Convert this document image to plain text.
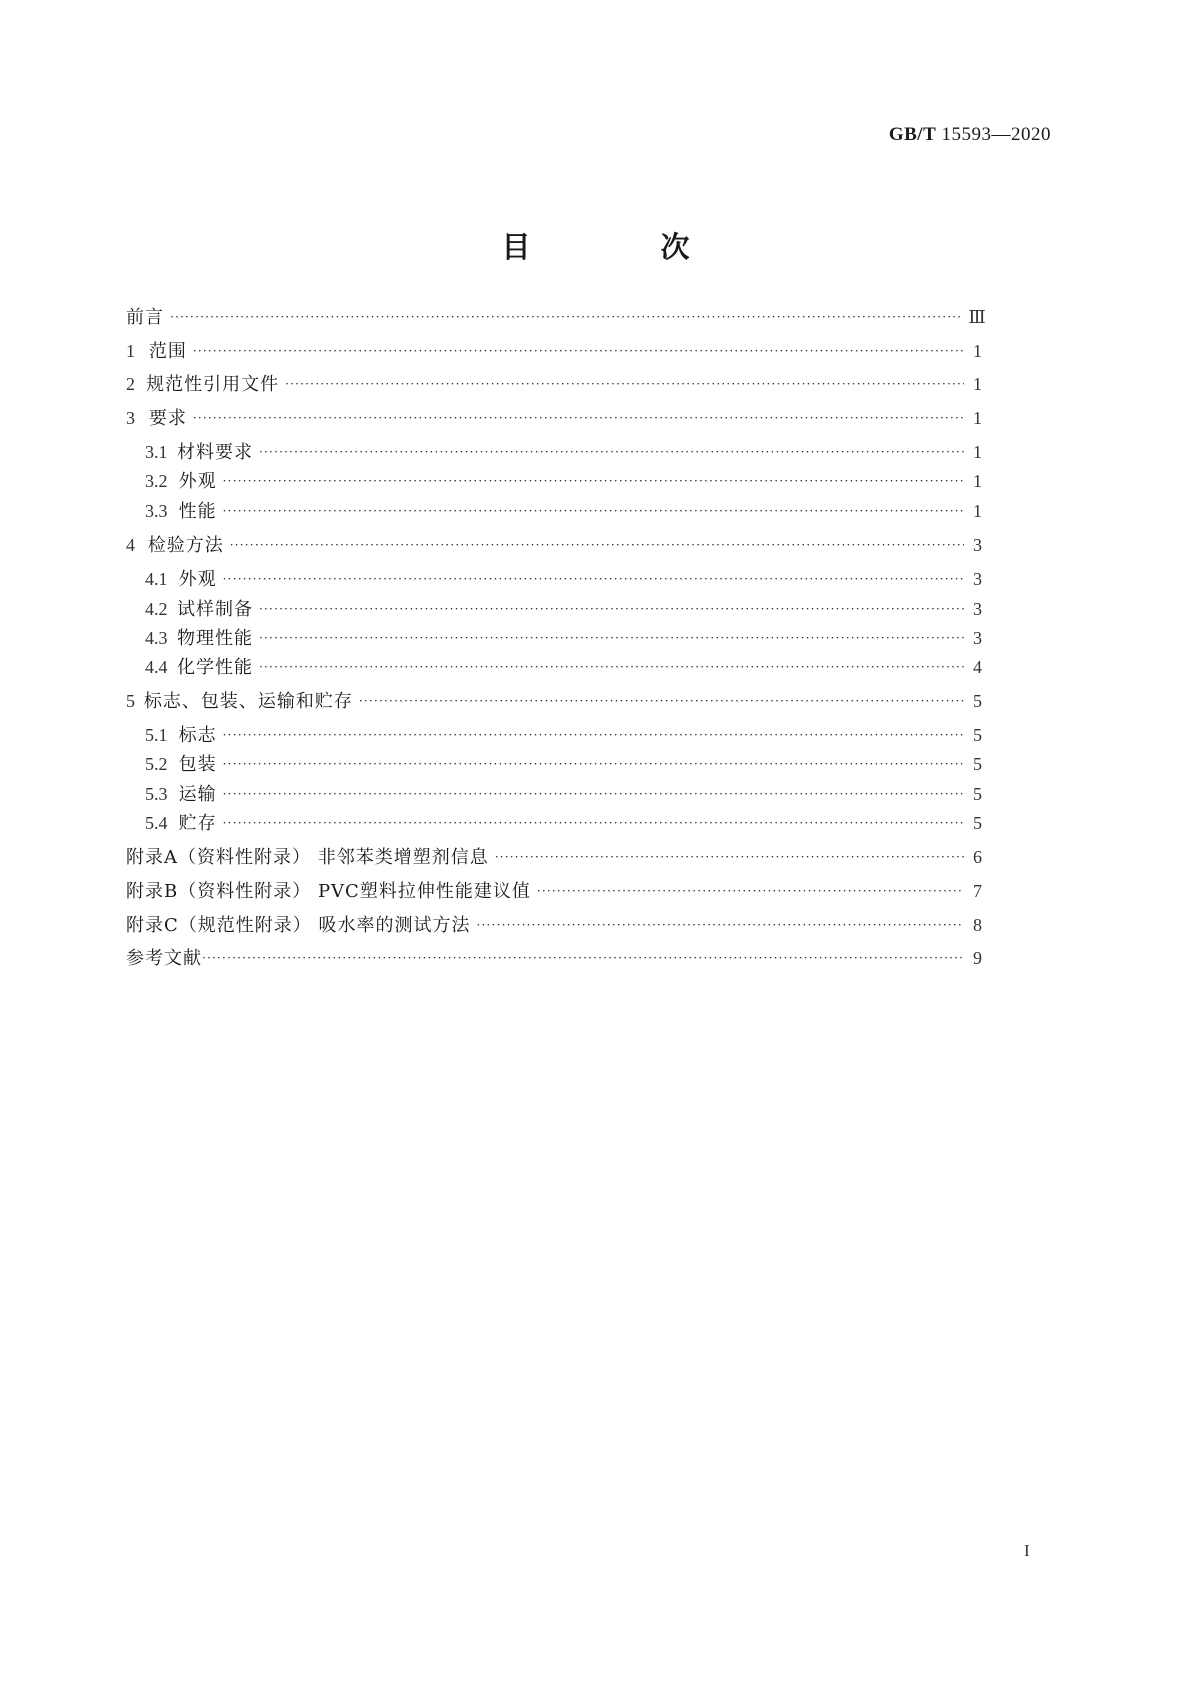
GB/T 15593—2020
目 次
前言 ·····	Ⅲ
1 范围 ·····	1
2 规范性引用文件 ·····	1
3 要求 ·····	1
3.1 材料要求 ·····	1
3.2 外观 ·····	1
3.3 性能 ·····	1
4 检验方法 ·····	3
4.1 外观 ·····	3
4.2 试样制备 ·····	3
4.3 物理性能 ·····	3
4.4 化学性能 ·····	4
5 标志、包装、运输和贮存 ·····	5
5.1 标志 ·····	5
5.2 包装 ·····	5
5.3 运输 ·····	5
5.4 贮存 ·····	5
附录A（资料性附录） 非邻苯类增塑剂信息 ·····	6
附录B（资料性附录） PVC塑料拉伸性能建议值 ·····	7
附录C（规范性附录） 吸水率的测试方法 ·····	8
参考文献 ·····	9
I
